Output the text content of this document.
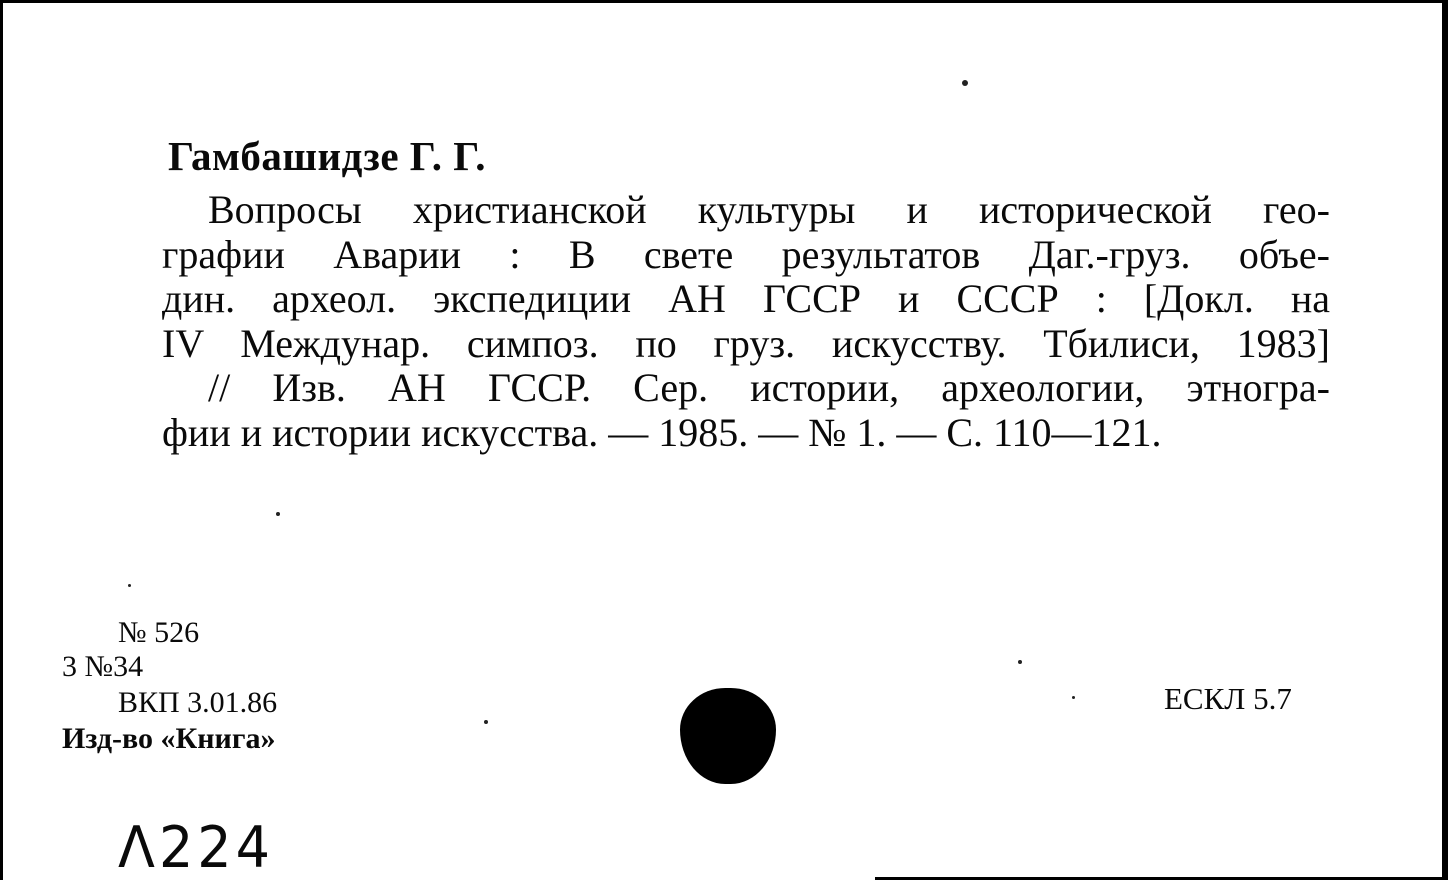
Гамбашидзе Г. Г.
Вопросы христианской культуры и исторической гео-
графии Аварии : В свете результатов Даг.-груз. объе-
дин. археол. экспедиции АН ГССР и СССР : [Докл. на
IV Междунар. симпоз. по груз. искусству. Тбилиси, 1983]
// Изв. АН ГССР. Сер. истории, археологии, этногра-
фии и истории искусства. — 1985. — № 1. — С. 110—121.
№ 526
3 №34
ВКП 3.01.86
Изд-во «Книга»
ЕСКЛ 5.7
Λ224
